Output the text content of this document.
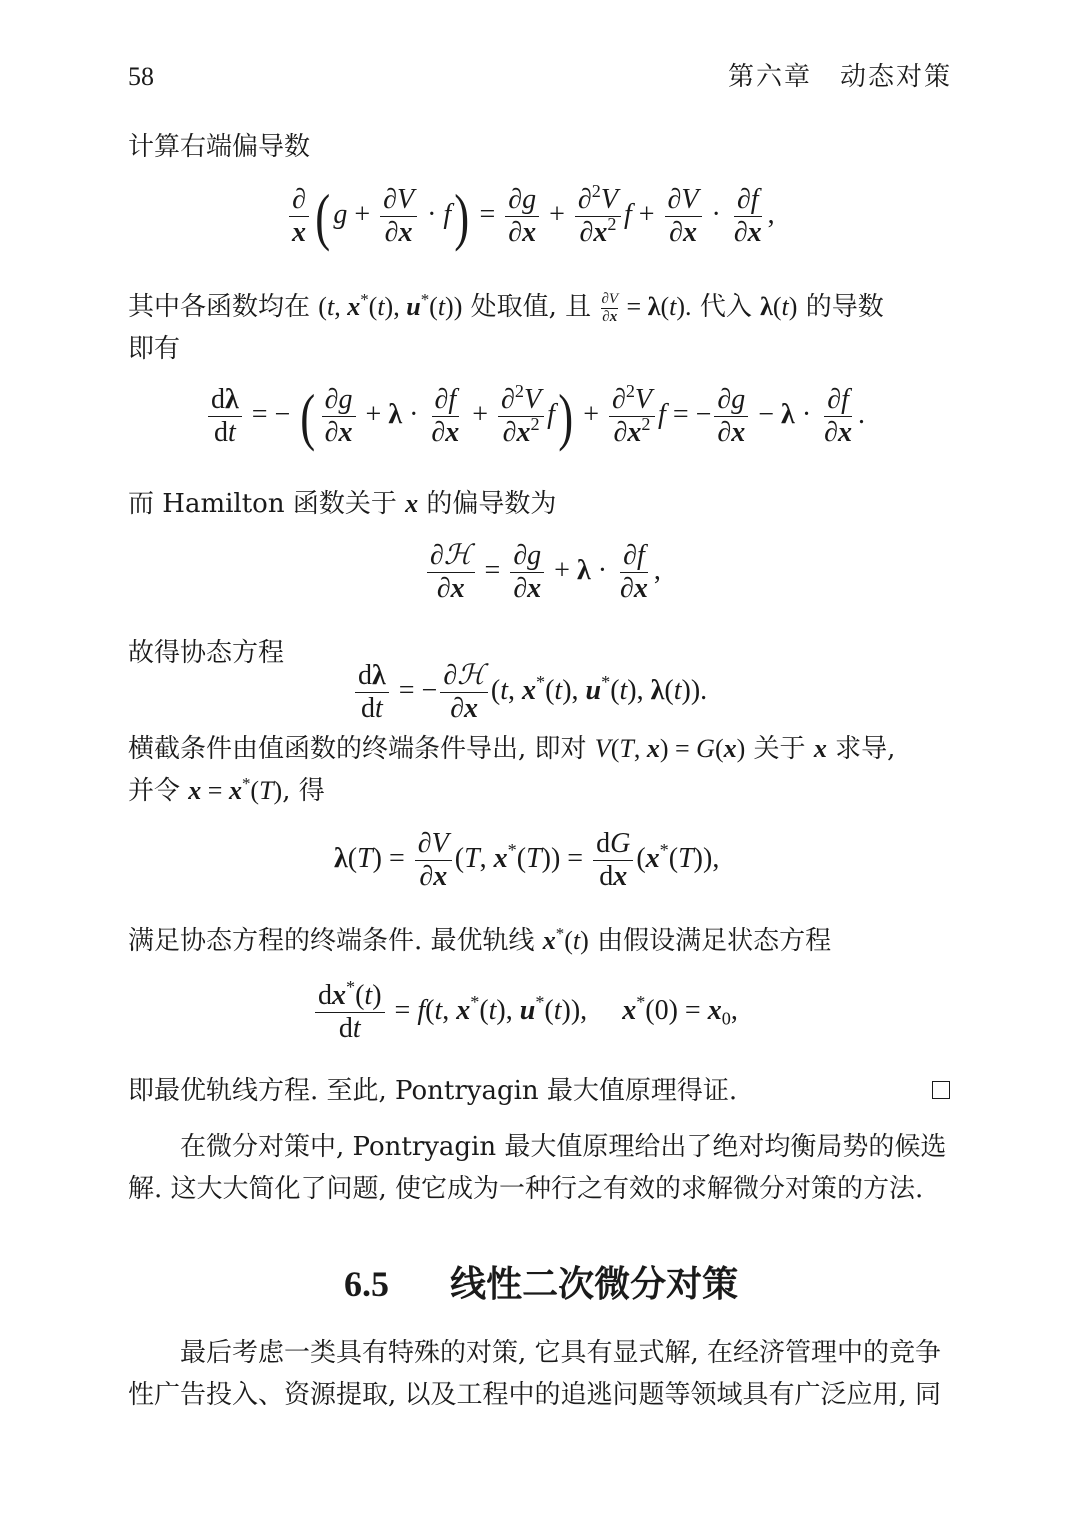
58	第六章　动态对策
计算右端偏导数
$\frac{\partial}{x}$ ( $g + \frac{\partial V}{\partial x} \cdot f) = \frac{\partial g}{\partial x} + \frac{\partial^2V}{\partial x^2}$ $f + \frac{\partial V}{\partial x} \cdot \frac{\partial f}{\partial x}$ ,
其中各函数均在 (t, x*(t), u*(t)) 处取值, 且 $\frac{\partial V}{\partial x} = \lambda(t)$. 代入 λ(t) 的导数
即有
$\frac{d\lambda}{dt}$ = − ( $\frac{\partial g}{\partial x} + \lambda \cdot \frac{\partial f}{\partial x} + \frac{\partial^2V}{\partial x^2} f) + \frac{\partial^2V}{\partial x^2}$ f = − $\frac{\partial g}{\partial x} - \lambda \cdot \frac{\partial f}{\partial x}$ .
而 Hamilton 函数关于 x 的偏导数为
$\frac{\text{∂ℋ}}{\partial x} = \frac{\partial g}{\partial x} + \lambda \cdot \frac{\partial f}{\partial x}$ ,
故得协态方程
$\frac{d\lambda}{dt}$ = − $\frac{\text{∂ℋ}}{\partial x} (t$, x*(t), u*(t), λ(t)).
横截条件由值函数的终端条件导出, 即对 V(T, x) = G(x) 关于 x 求导,
并令 x = x*(T), 得
$\lambda(T) = \frac{\partial V}{\partial x} (T$, $x^*(T)) = \frac{dG}{dx} (x^*(T))$,
满足协态方程的终端条件. 最优轨线 x*(t) 由假设满足状态方程
$\frac{dx^*(t)}{dt} = f(t$, x*(t), u*(t)),     $x^*(0) = x_0$,
即最优轨线方程. 至此, Pontryagin 最大值原理得证.
在微分对策中, Pontryagin 最大值原理给出了绝对均衡局势的候选
解. 这大大简化了问题, 使它成为一种行之有效的求解微分对策的方法.
6.5 线性二次微分对策
最后考虑一类具有特殊的对策, 它具有显式解, 在经济管理中的竞争
性广告投入、资源提取, 以及工程中的追逃问题等领域具有广泛应用, 同
